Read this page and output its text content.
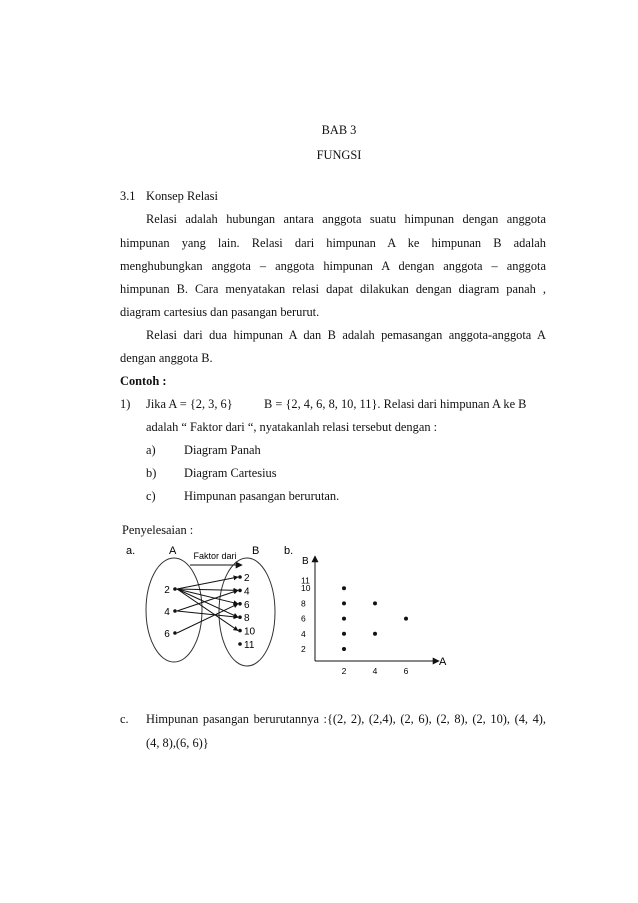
BAB 3
FUNGSI
3.1 Konsep Relasi
Relasi adalah hubungan antara anggota suatu himpunan dengan anggota
himpunan yang lain. Relasi dari himpunan A ke himpunan B adalah
menghubungkan anggota – anggota himpunan A dengan anggota – anggota
himpunan B. Cara menyatakan relasi dapat dilakukan dengan diagram panah ,
diagram cartesius dan pasangan berurut.
Relasi dari dua himpunan A dan B adalah pemasangan anggota-anggota A
dengan anggota B.
Contoh :
1) Jika A = {2, 3, 6}	B = {2, 4, 6, 8, 10, 11}. Relasi dari himpunan A ke B
adalah “ Faktor dari “, nyatakanlah relasi tersebut dengan :
a) Diagram Panah
b) Diagram Cartesius
c) Himpunan pasangan berurutan.
Penyelesaian :
a.	A	B
Faktor dari
2
4
6
2
4
6
8
10
11
b.
B
A
2
4
6
8
10
11
2	4	6
c. Himpunan pasangan berurutannya :{(2, 2), (2,4), (2, 6), (2, 8), (2, 10), (4, 4),
(4, 8),(6, 6)}
